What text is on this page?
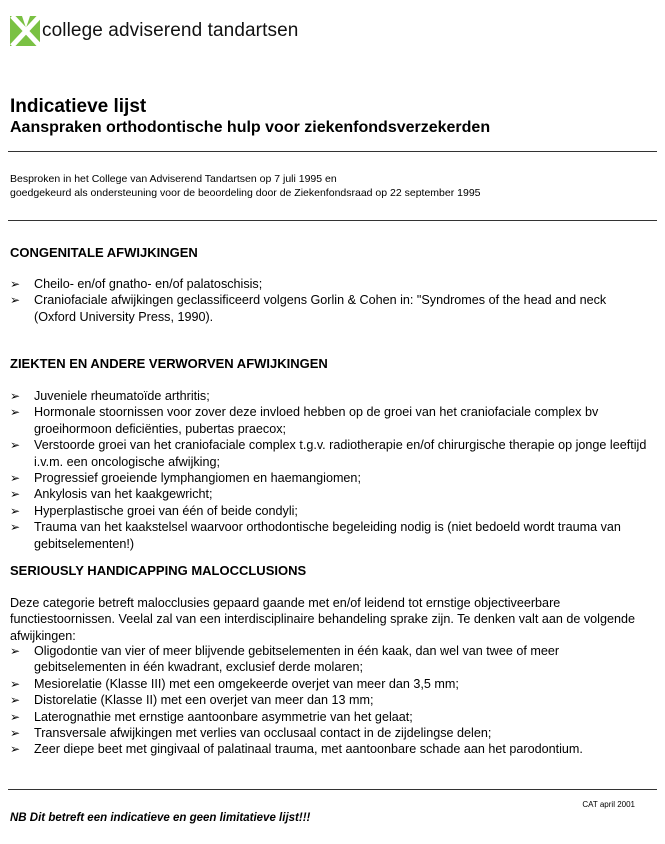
college adviserend tandartsen
Indicatieve lijst
Aanspraken orthodontische hulp voor ziekenfondsverzekerden
Besproken in het College van Adviserend Tandartsen op 7 juli 1995 en
goedgekeurd als ondersteuning voor de beoordeling door de Ziekenfondsraad op 22 september 1995
CONGENITALE AFWIJKINGEN
➢ Cheilo- en/of gnatho- en/of palatoschisis;
➢ Craniofaciale afwijkingen geclassificeerd volgens Gorlin & Cohen in: "Syndromes of the head and neck (Oxford University Press, 1990).
ZIEKTEN EN ANDERE VERWORVEN AFWIJKINGEN
➢ Juveniele rheumatoïde arthritis;
➢ Hormonale stoornissen voor zover deze invloed hebben op de groei van het craniofaciale complex bv groeihormoon deficiënties, pubertas praecox;
➢ Verstoorde groei van het craniofaciale complex t.g.v. radiotherapie en/of chirurgische therapie op jonge leeftijd i.v.m. een oncologische afwijking;
➢ Progressief groeiende lymphangiomen en haemangiomen;
➢ Ankylosis van het kaakgewricht;
➢ Hyperplastische groei van één of beide condyli;
➢ Trauma van het kaakstelsel waarvoor orthodontische begeleiding nodig is (niet bedoeld wordt trauma van gebitselementen!)
SERIOUSLY HANDICAPPING MALOCCLUSIONS
Deze categorie betreft malocclusies gepaard gaande met en/of leidend tot ernstige objectiveerbare functiestoornissen. Veelal zal van een interdisciplinaire behandeling sprake zijn. Te denken valt aan de volgende afwijkingen:
➢ Oligodontie van vier of meer blijvende gebitselementen in één kaak, dan wel van twee of meer gebitselementen in één kwadrant, exclusief derde molaren;
➢ Mesiorelatie (Klasse III) met een omgekeerde overjet van meer dan 3,5 mm;
➢ Distorelatie (Klasse II) met een overjet van meer dan 13 mm;
➢ Laterognathie met ernstige aantoonbare asymmetrie van het gelaat;
➢ Transversale afwijkingen met verlies van occlusaal contact in de zijdelingse delen;
➢ Zeer diepe beet met gingivaal of palatinaal trauma, met aantoonbare schade aan het parodontium.
CAT april 2001
NB Dit betreft een indicatieve en geen limitatieve lijst!!!
